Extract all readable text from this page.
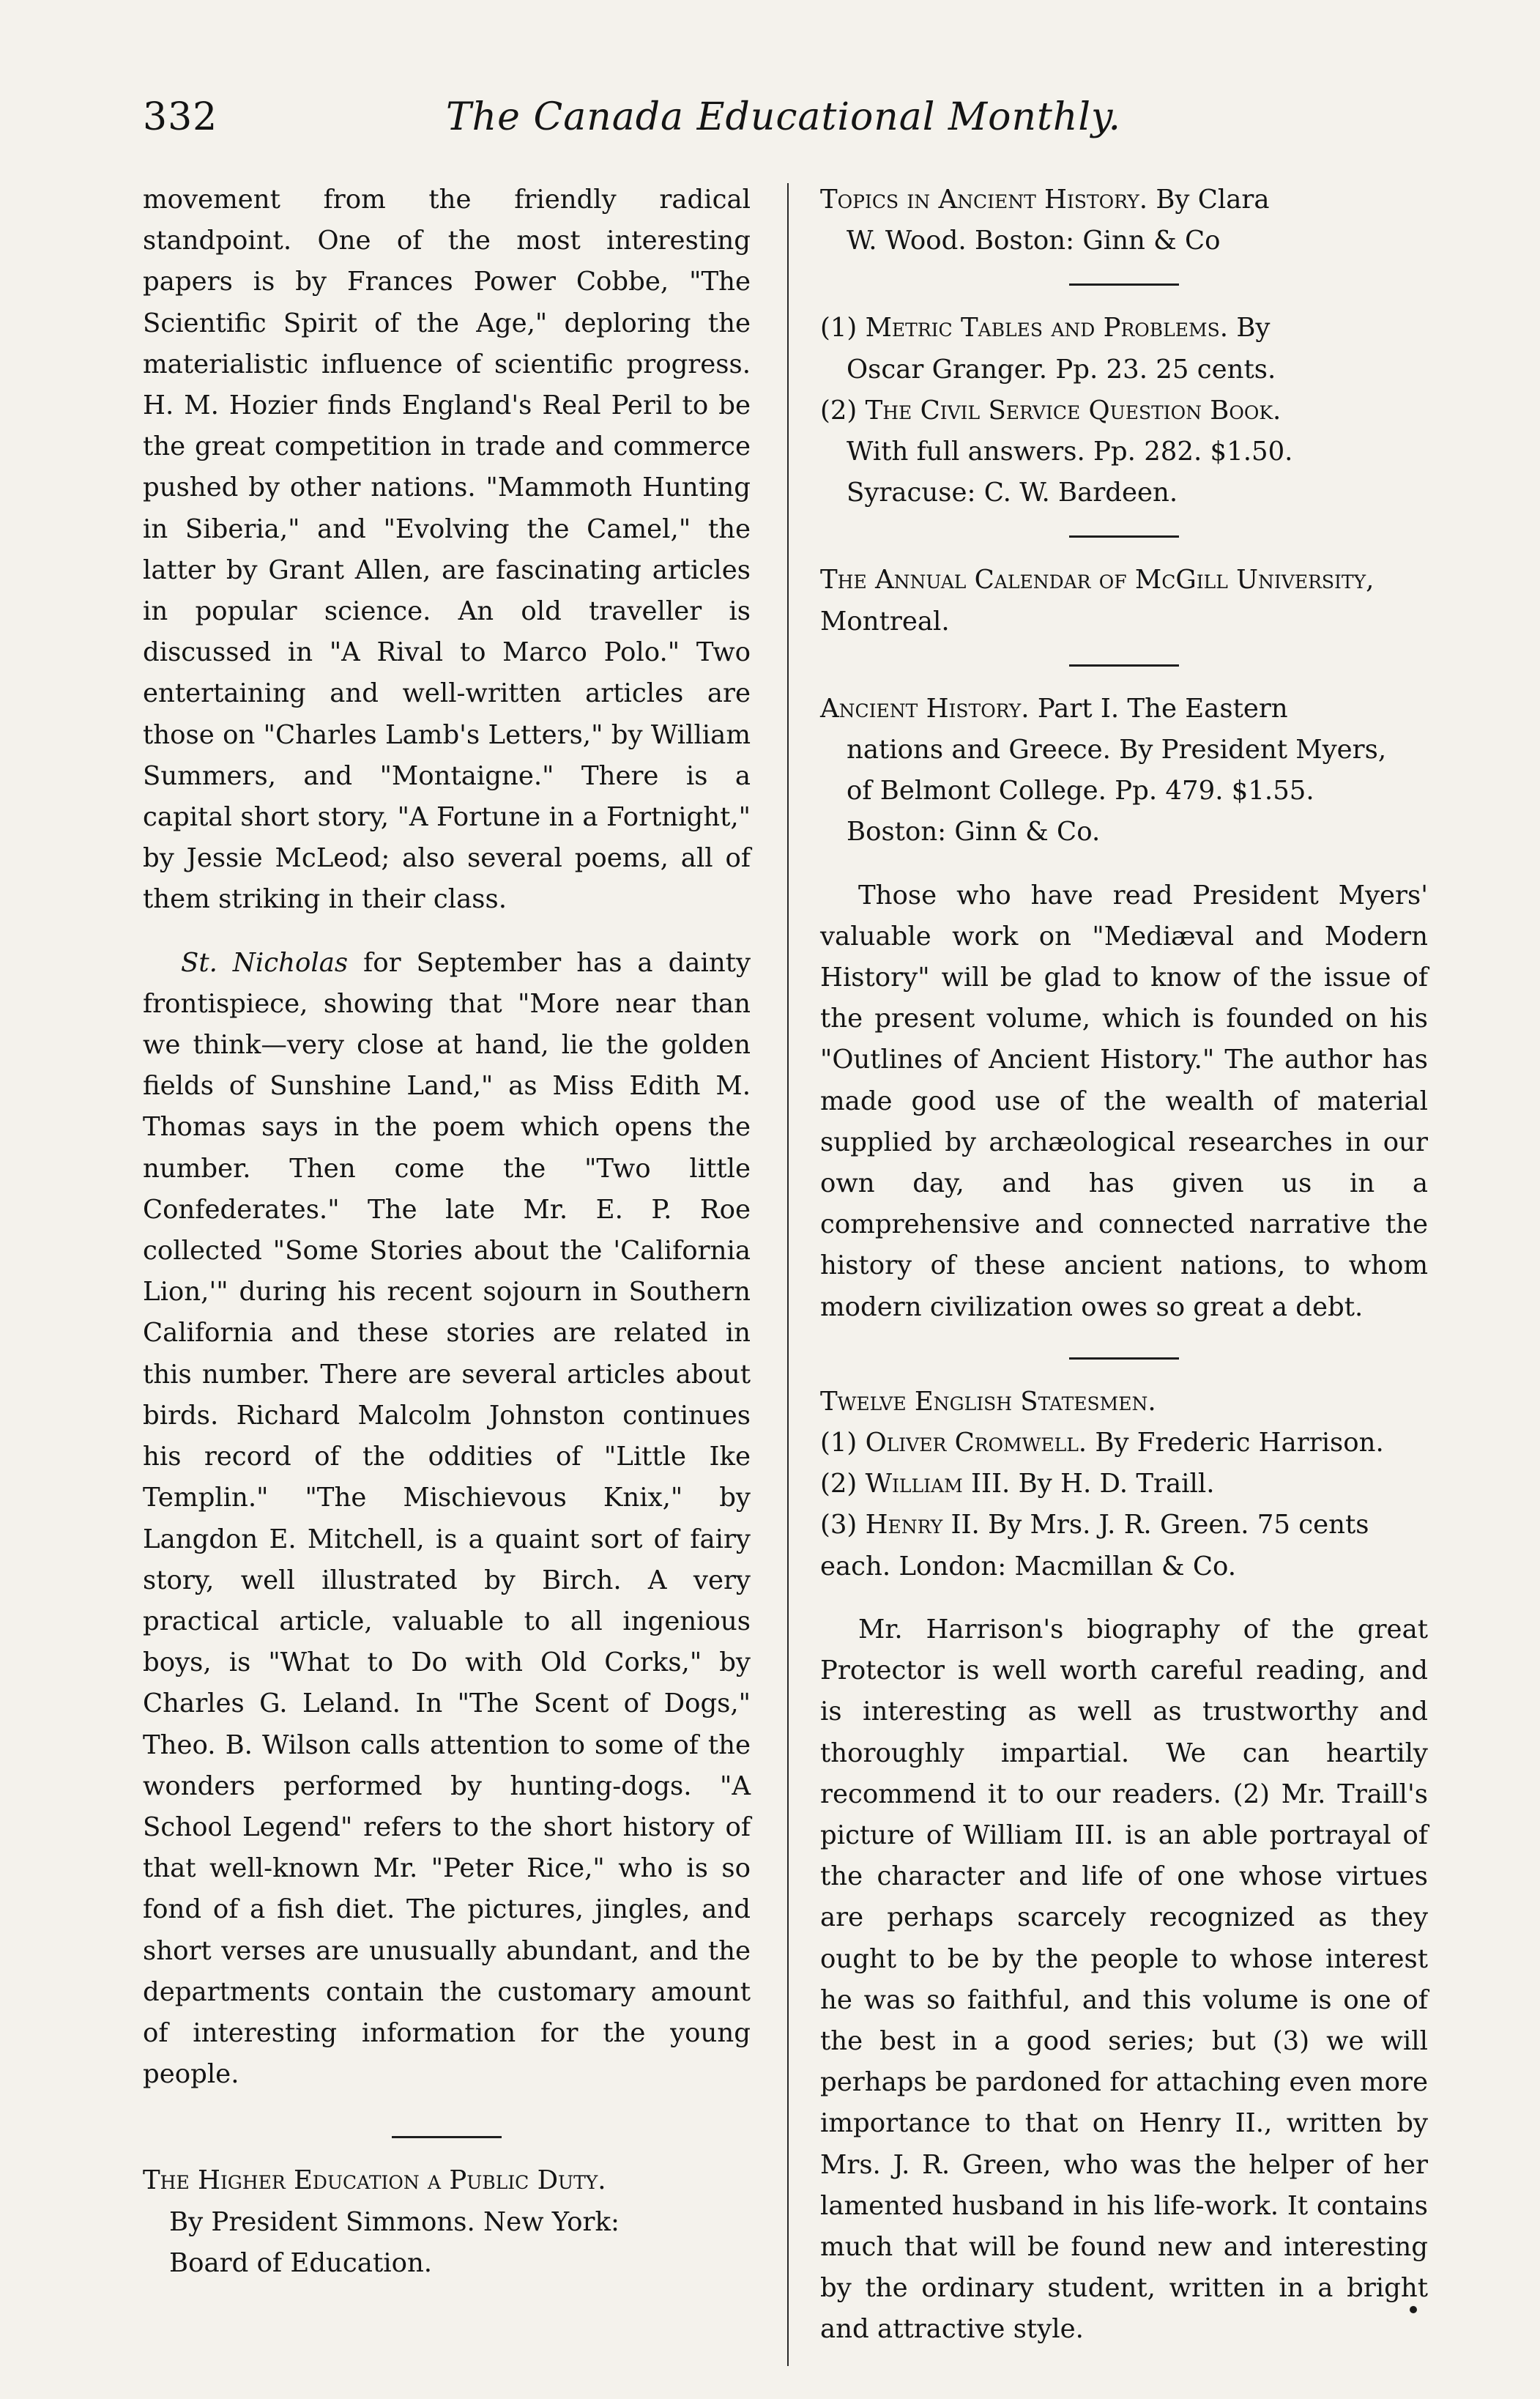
332	The Canada Educational Monthly.

movement from the friendly radical standpoint. One of the most interesting papers is by Frances Power Cobbe, "The Scientific Spirit of the Age," deploring the materialistic influence of scientific progress. H. M. Hozier finds England's Real Peril to be the great competition in trade and commerce pushed by other nations. "Mammoth Hunting in Siberia," and "Evolving the Camel," the latter by Grant Allen, are fascinating articles in popular science. An old traveller is discussed in "A Rival to Marco Polo." Two entertaining and well-written articles are those on "Charles Lamb's Letters," by William Summers, and "Montaigne." There is a capital short story, "A Fortune in a Fortnight," by Jessie McLeod; also several poems, all of them striking in their class.

St. Nicholas for September has a dainty frontispiece, showing that "More near than we think—very close at hand, lie the golden fields of Sunshine Land," as Miss Edith M. Thomas says in the poem which opens the number. Then come the "Two little Confederates." The late Mr. E. P. Roe collected "Some Stories about the 'California Lion,'" during his recent sojourn in Southern California and these stories are related in this number. There are several articles about birds. Richard Malcolm Johnston continues his record of the oddities of "Little Ike Templin." "The Mischievous Knix," by Langdon E. Mitchell, is a quaint sort of fairy story, well illustrated by Birch. A very practical article, valuable to all ingenious boys, is "What to Do with Old Corks," by Charles G. Leland. In "The Scent of Dogs," Theo. B. Wilson calls attention to some of the wonders performed by hunting-dogs. "A School Legend" refers to the short history of that well-known Mr. "Peter Rice," who is so fond of a fish diet. The pictures, jingles, and short verses are unusually abundant, and the departments contain the customary amount of interesting information for the young people.

The Higher Education a Public Duty.

By President Simmons. New York:

Board of Education.

Topics in Ancient History. By Clara

W. Wood. Boston: Ginn & Co

(1) Metric Tables and Problems. By

Oscar Granger. Pp. 23. 25 cents.

(2) The Civil Service Question Book.

With full answers. Pp. 282. $1.50.

Syracuse: C. W. Bardeen.

The Annual Calendar of McGill University, Montreal.

Ancient History. Part I. The Eastern

nations and Greece. By President Myers,

of Belmont College. Pp. 479. $1.55.

Boston: Ginn & Co.

Those who have read President Myers' valuable work on "Mediæval and Modern History" will be glad to know of the issue of the present volume, which is founded on his "Outlines of Ancient History." The author has made good use of the wealth of material supplied by archæological researches in our own day, and has given us in a comprehensive and connected narrative the history of these ancient nations, to whom modern civilization owes so great a debt.

Twelve English Statesmen.

(1) Oliver Cromwell. By Frederic Harrison.

(2) William III. By H. D. Traill.

(3) Henry II. By Mrs. J. R. Green. 75 cents each. London: Macmillan & Co.

Mr. Harrison's biography of the great Protector is well worth careful reading, and is interesting as well as trustworthy and thoroughly impartial. We can heartily recommend it to our readers. (2) Mr. Traill's picture of William III. is an able portrayal of the character and life of one whose virtues are perhaps scarcely recognized as they ought to be by the people to whose interest he was so faithful, and this volume is one of the best in a good series; but (3) we will perhaps be pardoned for attaching even more importance to that on Henry II., written by Mrs. J. R. Green, who was the helper of her lamented husband in his life-work. It contains much that will be found new and interesting by the ordinary student, written in a bright and attractive style.
